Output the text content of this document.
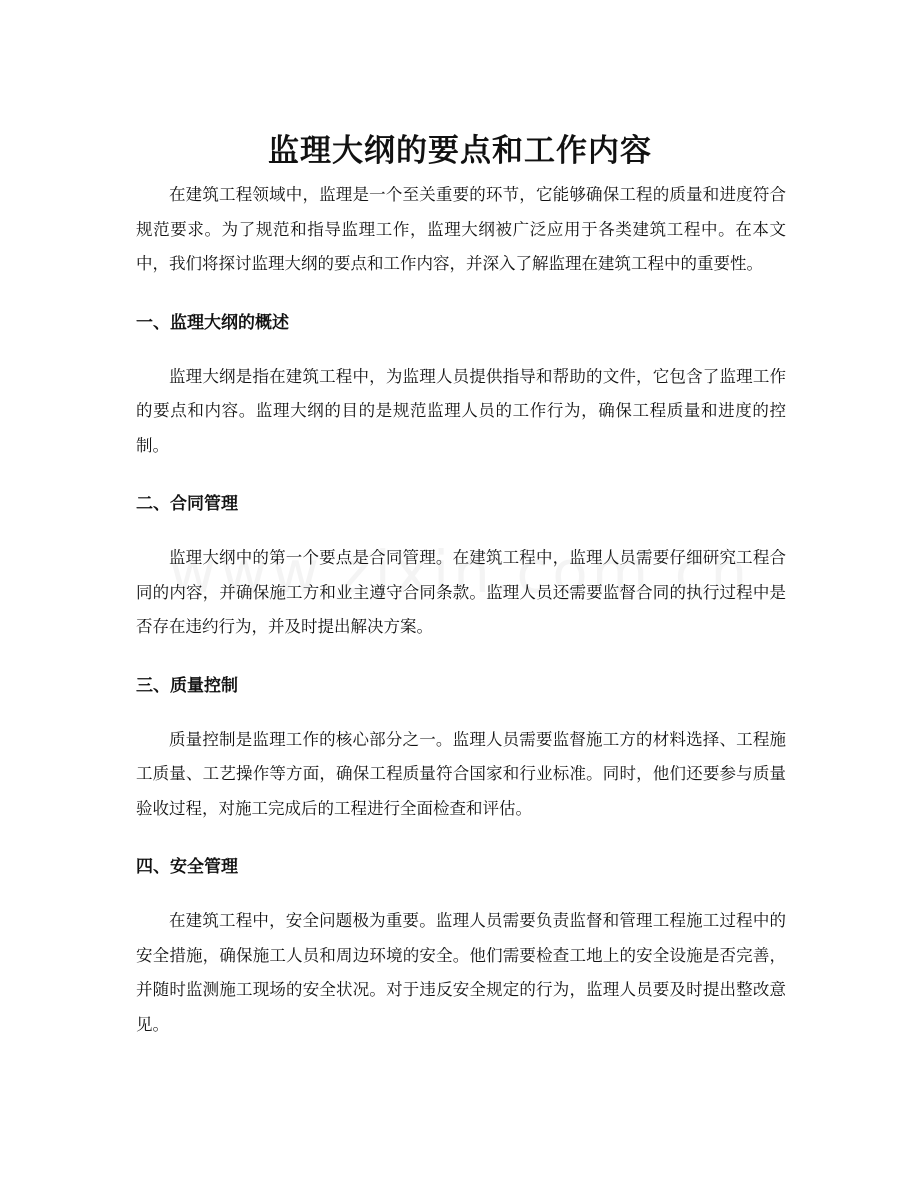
监理大纲的要点和工作内容

在建筑工程领域中，监理是一个至关重要的环节，它能够确保工程的质量和进度符合规范要求。为了规范和指导监理工作，监理大纲被广泛应用于各类建筑工程中。在本文中，我们将探讨监理大纲的要点和工作内容，并深入了解监理在建筑工程中的重要性。

一、监理大纲的概述

监理大纲是指在建筑工程中，为监理人员提供指导和帮助的文件，它包含了监理工作的要点和内容。监理大纲的目的是规范监理人员的工作行为，确保工程质量和进度的控制。

二、合同管理

监理大纲中的第一个要点是合同管理。在建筑工程中，监理人员需要仔细研究工程合同的内容，并确保施工方和业主遵守合同条款。监理人员还需要监督合同的执行过程中是否存在违约行为，并及时提出解决方案。

三、质量控制

质量控制是监理工作的核心部分之一。监理人员需要监督施工方的材料选择、工程施工质量、工艺操作等方面，确保工程质量符合国家和行业标准。同时，他们还要参与质量验收过程，对施工完成后的工程进行全面检查和评估。

四、安全管理

在建筑工程中，安全问题极为重要。监理人员需要负责监督和管理工程施工过程中的安全措施，确保施工人员和周边环境的安全。他们需要检查工地上的安全设施是否完善，并随时监测施工现场的安全状况。对于违反安全规定的行为，监理人员要及时提出整改意见。
